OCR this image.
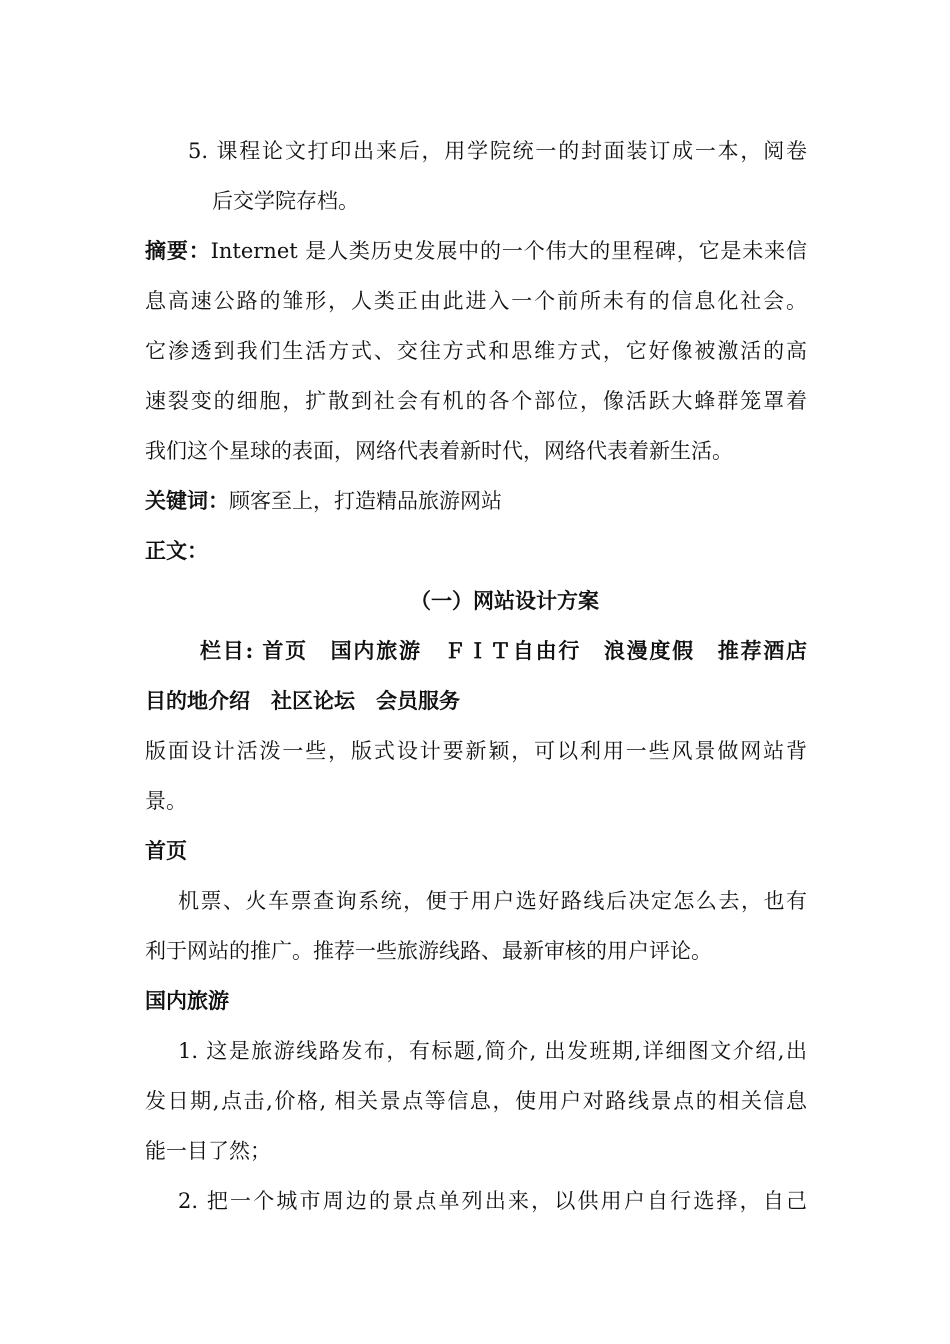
5. 课程论文打印出来后，用学院统一的封面装订成一本，阅卷
后交学院存档。
摘要：Internet 是人类历史发展中的一个伟大的里程碑，它是未来信
息高速公路的雏形，人类正由此进入一个前所未有的信息化社会。
它渗透到我们生活方式、交往方式和思维方式，它好像被激活的高
速裂变的细胞，扩散到社会有机的各个部位，像活跃大蜂群笼罩着
我们这个星球的表面，网络代表着新时代，网络代表着新生活。
关键词：顾客至上，打造精品旅游网站
正文：
（一）网站设计方案
栏目: 首页　国内旅游　ＦＩＴ自由行　浪漫度假　推荐酒店
目的地介绍　社区论坛　会员服务
版面设计活泼一些，版式设计要新颖，可以利用一些风景做网站背
景。
首页
机票、火车票查询系统，便于用户选好路线后决定怎么去，也有
利于网站的推广。推荐一些旅游线路、最新审核的用户评论。
国内旅游
1. 这是旅游线路发布，有标题,简介, 出发班期,详细图文介绍,出
发日期,点击,价格, 相关景点等信息，使用户对路线景点的相关信息
能一目了然；
2. 把一个城市周边的景点单列出来，以供用户自行选择，自己
